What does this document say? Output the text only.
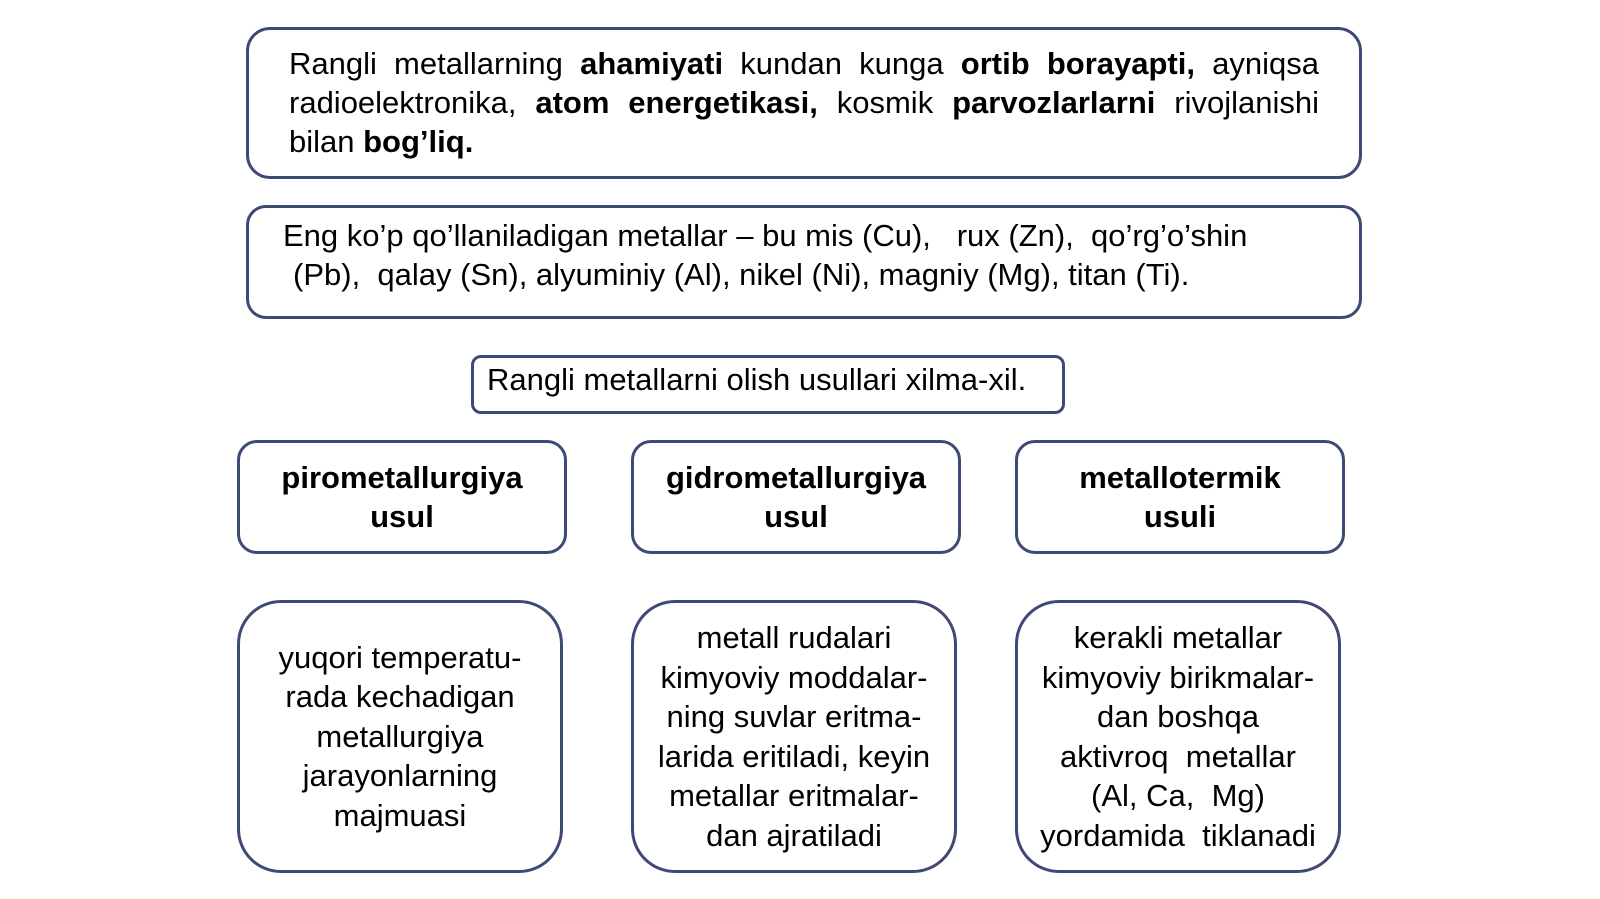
Rangli metallarning ahamiyati kundan kunga ortib borayapti, ayniqsa radioelektronika, atom energetikasi, kosmik parvozlarlarni rivojlanishi bilan bog’liq.
Eng ko’p qo’llaniladigan metallar – bu mis (Cu),   rux (Zn),  qo’rg’o’shin
(Pb),  qalay (Sn), alyuminiy (Al), nikel (Ni), magniy (Mg), titan (Ti).
Rangli metallarni olish usullari xilma-xil.
pirometallurgiya
usul
gidrometallurgiya
usul
metallotermik
usuli
yuqori temperatu-
rada kechadigan
metallurgiya
jarayonlarning
majmuasi
metall rudalari
kimyoviy moddalar-
ning suvlar eritma-
larida eritiladi, keyin
metallar eritmalar-
dan ajratiladi
kerakli metallar
kimyoviy birikmalar-
dan boshqa
aktivroq  metallar
(Al, Ca,  Mg)
yordamida  tiklanadi
